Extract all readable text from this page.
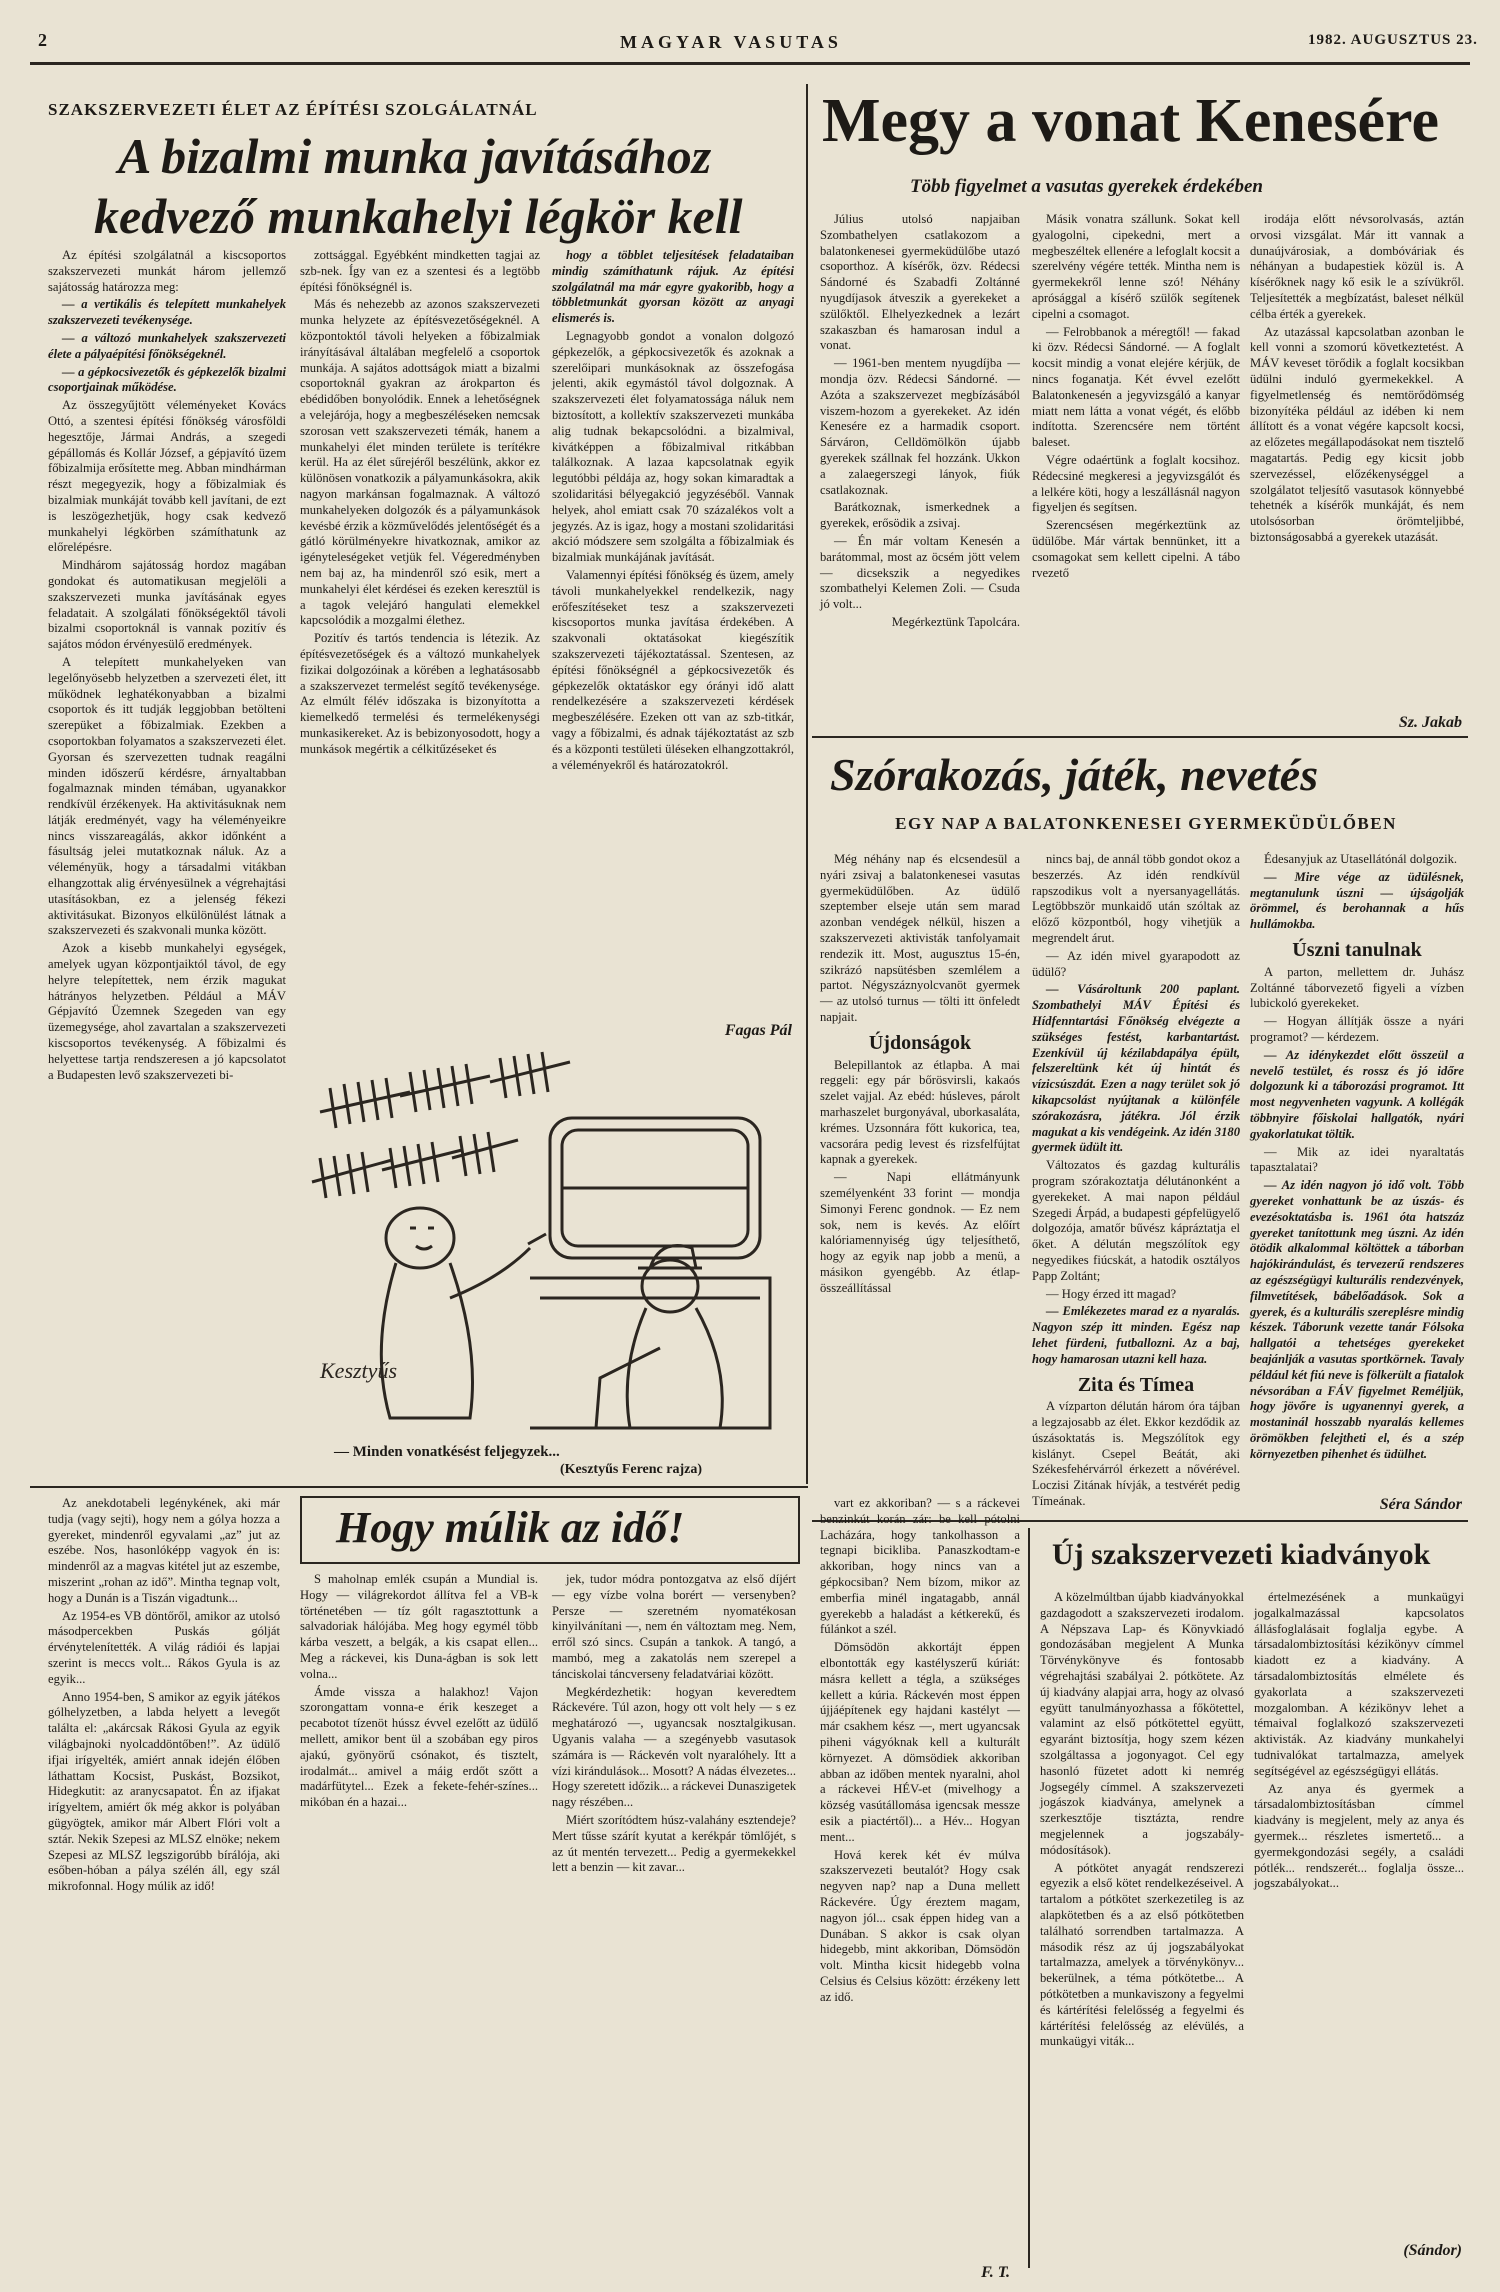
2	MAGYAR VASUTAS	1982. AUGUSZTUS 23.
SZAKSZERVEZETI ÉLET AZ ÉPÍTÉSI SZOLGÁLATNÁL
A bizalmi munka javításához
kedvező munkahelyi légkör kell

Az építési szolgálatnál a kiscsoportos szakszervezeti munkát három jellemző sajátosság határozza meg:

— a vertikális és telepített munkahelyek szakszervezeti tevékenysége.

— a változó munkahelyek szakszervezeti élete a pályaépítési főnökségeknél.

— a gépkocsivezetők és gépkezelők bizalmi csoportjainak működése.

Az összegyűjtött véleményeket Kovács Ottó, a szentesi építési főnökség városföldi hegesztője, Jármai András, a szegedi gépállomás és Kollár József, a gépjavító üzem főbizalmija erősítette meg. Abban mindhárman részt megegyezik, hogy a főbizalmiak és bizalmiak munkáját tovább kell javítani, de ezt is leszögezhetjük, hogy csak kedvező munkahelyi légkörben számíthatunk az előrelépésre.

Mindhárom sajátosság hordoz magában gondokat és automatikusan megjelöli a szakszervezeti munka javításának egyes feladatait. A szolgálati főnökségektől távoli bizalmi csoportoknál is vannak pozitív és sajátos módon érvényesülő eredmények.

A telepített munkahelyeken van legelőnyösebb helyzetben a szervezeti élet, itt működnek leghatékonyabban a bizalmi csoportok és itt tudják leggjobban betölteni szerepüket a főbizalmiak. Ezekben a csoportokban folyamatos a szakszervezeti élet. Gyorsan és szervezetten tudnak reagálni minden időszerű kérdésre, árnyaltabban fogalmaznak minden témában, ugyanakkor rendkívül érzékenyek. Ha aktivitásuknak nem látják eredményét, vagy ha véleményeikre nincs visszareagálás, akkor időnként a fásultság jelei mutatkoznak náluk. Az a véleményük, hogy a társadalmi vitákban elhangzottak alig érvényesülnek a végrehajtási utasításokban, ez a jelenség fékezi aktivitásukat. Bizonyos elkülönülést látnak a szakszervezeti és szakvonali munka között.

Azok a kisebb munkahelyi egységek, amelyek ugyan központjaiktól távol, de egy helyre telepítettek, nem érzik magukat hátrányos helyzetben. Például a MÁV Gépjavító Üzemnek Szegeden van egy üzemegysége, ahol zavartalan a szakszervezeti kiscsoportos tevékenység. A főbizalmi és helyettese tartja rendszeresen a jó kapcsolatot a Budapesten levő szakszervezeti bi-

zottsággal. Egyébként mindketten tagjai az szb-nek. Így van ez a szentesi és a legtöbb építési főnökségnél is.

Más és nehezebb az azonos szakszervezeti munka helyzete az építésvezetőségeknél. A központoktól távoli helyeken a főbizalmiak irányításával általában megfelelő a csoportok munkája. A sajátos adottságok miatt a bizalmi csoportoknál gyakran az árokparton és ebédidőben bonyolódik. Ennek a lehetőségnek a velejárója, hogy a megbeszéléseken nemcsak szorosan vett szakszervezeti témák, hanem a munkahelyi élet minden területe is terítékre kerül. Ha az élet sűrejéről beszélünk, akkor ez különösen vonatkozik a pályamunkásokra, akik nagyon markánsan fogalmaznak. A változó munkahelyeken dolgozók és a pályamunkások kevésbé érzik a közművelődés jelentőségét és a gátló körülményekre hivatkoznak, amikor az igényteleségeket vetjük fel. Végeredményben nem baj az, ha mindenről szó esik, mert a munkahelyi élet kérdései és ezeken keresztül is a tagok velejáró hangulati elemekkel kapcsolódik a mozgalmi élethez.

Pozitív és tartós tendencia is létezik. Az építésvezetőségek és a változó munkahelyek fizikai dolgozóinak a körében a leghatásosabb a szakszervezet termelést segítő tevékenysége. Az elmúlt félév időszaka is bizonyította a kiemelkedő termelési és termelékenységi munkasikereket. Az is bebizonyosodott, hogy a munkások megértik a célkitűzéseket és

hogy a többlet teljesítések feladataiban mindig számíthatunk rájuk. Az építési szolgálatnál ma már egyre gyakoribb, hogy a többletmunkát gyorsan között az anyagi elismerés is.

Legnagyobb gondot a vonalon dolgozó gépkezelők, a gépkocsivezetők és azoknak a szerelőipari munkásoknak az összefogása jelenti, akik egymástól távol dolgoznak. A szakszervezeti élet folyamatossága náluk nem biztosított, a kollektív szakszervezeti munkába alig tudnak bekapcsolódni. a bizalmival, kivátképpen a főbizalmival ritkábban találkoznak. A lazaa kapcsolatnak egyik legutóbbi példája az, hogy sokan kimaradtak a szolidaritási bélyegakció jegyzéséből. Vannak helyek, ahol emiatt csak 70 százalékos volt a jegyzés. Az is igaz, hogy a mostani szolidaritási akció módszere sem szolgálta a főbizalmiak és bizalmiak munkájának javítását.

Valamennyi építési főnökség és üzem, amely távoli munkahelyekkel rendelkezik, nagy erőfeszítéseket tesz a szakszervezeti kiscsoportos munka javítása érdekében. A szakvonali oktatásokat kiegészítik szakszervezeti tájékoztatással. Szentesen, az építési főnökségnél a gépkocsivezetők és gépkezelők oktatáskor egy órányi idő alatt rendelkezésére a szakszervezeti kérdések megbeszélésére. Ezeken ott van az szb-titkár, vagy a főbizalmi, és adnak tájékoztatást az szb és a központi testületi üléseken elhangzottakról, a véleményekről és határozatokról.

Fagas Pál
Kesztyűs
— Minden vonatkésést feljegyzek...
(Kesztyűs Ferenc rajza)
Megy a vonat Kenesére
Több figyelmet a vasutas gyerekek érdekében

Július utolsó napjaiban Szombathelyen csatlakozom a balatonkenesei gyermeküdülőbe utazó csoporthoz. A kísérők, özv. Rédecsi Sándorné és Szabadfi Zoltánné nyugdíjasok átveszik a gyerekeket a szülőktől. Elhelyezkednek a lezárt szakaszban és hamarosan indul a vonat.

— 1961-ben mentem nyugdíjba — mondja özv. Rédecsi Sándorné. — Azóta a szakszervezet megbízásából viszem-hozom a gyerekeket. Az idén Kenesére ez a harmadik csoport. Sárváron, Celldömölkön újabb gyerekek szállnak fel hozzánk. Ukkon a zalaegerszegi lányok, fiúk csatlakoznak.

Barátkoznak, ismerkednek a gyerekek, erősödik a zsivaj.

— Én már voltam Kenesén a barátommal, most az öcsém jött velem — dicsekszik a negyedikes szombathelyi Kelemen Zoli. — Csuda jó volt...

Megérkeztünk Tapolcára.

Másik vonatra szállunk. Sokat kell gyalogolni, cipekedni, mert a megbeszéltek ellenére a lefoglalt kocsit a szerelvény végére tették. Mintha nem is gyermekekről lenne szó! Néhány aprósággal a kísérő szülők segítenek cipelni a csomagot.

— Felrobbanok a méregtől! — fakad ki özv. Rédecsi Sándorné. — A foglalt kocsit mindig a vonat elejére kérjük, de nincs foganatja. Két évvel ezelőtt Balatonkenesén a jegyvizsgáló a kanyar miatt nem látta a vonat végét, és előbb indította. Szerencsére nem történt baleset.

Végre odaértünk a foglalt kocsihoz. Rédecsiné megkeresi a jegyvizsgálót és a lelkére köti, hogy a leszállásnál nagyon figyeljen és segítsen.

Szerencsésen megérkeztünk az üdülőbe. Már vártak bennünket, itt a csomagokat sem kellett cipelni. A tábo rvezető

irodája előtt névsorolvasás, aztán orvosi vizsgálat. Már itt vannak a dunaújvárosiak, a dombóváriak és néhányan a budapestiek közül is. A kísérőknek nagy kő esik le a szívükről. Teljesítették a megbízatást, baleset nélkül célba érték a gyerekek.

Az utazással kapcsolatban azonban le kell vonni a szomorú következtetést. A MÁV keveset törődik a foglalt kocsikban üdülni induló gyermekekkel. A figyelmetlenség és nemtörődömség bizonyítéka például az idében ki nem állított és a vonat végére kapcsolt kocsi, az előzetes megállapodásokat nem tisztelő magatartás. Pedig egy kicsit jobb szervezéssel, előzékenységgel a szolgálatot teljesítő vasutasok könnyebbé tehetnék a kísérők munkáját, és nem utolsósorban örömteljibbé, biztonságosabbá a gyerekek utazását.

Sz. Jakab
Szórakozás, játék, nevetés
EGY NAP A BALATONKENESEI GYERMEKÜDÜLŐBEN

Még néhány nap és elcsendesül a nyári zsivaj a balatonkenesei vasutas gyermeküdülőben. Az üdülő szeptember elseje után sem marad azonban vendégek nélkül, hiszen a szakszervezeti aktivisták tanfolyamait rendezik itt. Most, augusztus 15-én, szikrázó napsütésben szemlélem a partot. Négyszáznyolcvanöt gyermek — az utolsó turnus — tölti itt önfeledt napjait.

Újdonságok

Belepillantok az étlapba. A mai reggeli: egy pár bőrösvirsli, kakaós szelet vajjal. Az ebéd: húsleves, párolt marhaszelet burgonyával, uborkasaláta, krémes. Uzsonnára főtt kukorica, tea, vacsorára pedig levest és rizsfelfújtat kapnak a gyerekek.

— Napi ellátmányunk személyenként 33 forint — mondja Simonyi Ferenc gondnok. — Ez nem sok, nem is kevés. Az előírt kalóriamennyiség úgy teljesíthető, hogy az egyik nap jobb a menü, a másikon gyengébb. Az étlap-összeállítással

nincs baj, de annál több gondot okoz a beszerzés. Az idén rendkívül rapszodikus volt a nyersanyagellátás. Legtöbbször munkaidő után szóltak az előző központból, hogy vihetjük a megrendelt árut.

— Az idén mivel gyarapodott az üdülő?

— Vásároltunk 200 paplant. Szombathelyi MÁV Építési és Hídfenntartási Főnökség elvégezte a szükséges festést, karbantartást. Ezenkívül új kézilabdapálya épült, felszereltünk két új hintát és vízicsúszdát. Ezen a nagy terület sok jó kikapcsolást nyújtanak a különféle szórakozásra, játékra. Jól érzik magukat a kis vendégeink. Az idén 3180 gyermek üdült itt.

Változatos és gazdag kulturális program szórakoztatja délutánonként a gyerekeket. A mai napon például Szegedi Árpád, a budapesti gépfelügyelő dolgozója, amatőr bűvész kápráztatja el őket. A délután megszólítok egy negyedikes fiúcskát, a hatodik osztályos Papp Zoltánt;

— Hogy érzed itt magad?

— Emlékezetes marad ez a nyaralás. Nagyon szép itt minden. Egész nap lehet fürdeni, futballozni. Az a baj, hogy hamarosan utazni kell haza.

Zita és Tímea

A vízparton délután három óra tájban a legzajosabb az élet. Ekkor kezdődik az úszásoktatás is. Megszólítok egy kislányt. Csepel Beátát, aki Székesfehérvárról érkezett a nővérével. Loczisi Zitának hívják, a testvérét pedig Tímeának.

Édesanyjuk az Utasellátónál dolgozik.

— Mire vége az üdülésnek, megtanulunk úszni — újságolják örömmel, és berohannak a hűs hullámokba.

Úszni tanulnak

A parton, mellettem dr. Juhász Zoltánné táborvezető figyeli a vízben lubickoló gyerekeket.

— Hogyan állítják össze a nyári programot? — kérdezem.

— Az idénykezdet előtt összeül a nevelő testület, és rossz és jó időre dolgozunk ki a táborozási programot. Itt most negyvenheten vagyunk. A kollégák többnyire főiskolai hallgatók, nyári gyakorlatukat töltik.

— Mik az idei nyaraltatás tapasztalatai?

— Az idén nagyon jó idő volt. Több gyereket vonhattunk be az úszás- és evezésoktatásba is. 1961 óta hatszáz gyereket tanítottunk meg úszni. Az idén ötödik alkalommal költöttek a táborban hajókirándulást, és tervezerű rendszeres az egészségügyi kulturális rendezvények, filmvetítések, bábelőadások. Sok a gyerek, és a kulturális szereplésre mindig készek. Táborunk vezette tanár Fólsoka hallgatói a tehetséges gyerekeket beajánlják a vasutas sportkörnek. Tavaly például két fiú neve is fölkerült a fiatalok névsorában a FÁV figyelmet Reméljük, hogy jövőre is ugyanennyi gyerek, a mostaninál hosszabb nyaralás kellemes örömökben felejtheti el, és a szép környezetben pihenhet és üdülhet.

Séra Sándor
Hogy múlik az idő!

Az anekdotabeli legénykének, aki már tudja (vagy sejti), hogy nem a gólya hozza a gyereket, mindenről egyvalami „az” jut az eszébe. Nos, hasonlóképp vagyok én is: mindenről az a magvas kitétel jut az eszembe, miszerint „rohan az idő”. Mintha tegnap volt, hogy a Dunán is a Tiszán vigadtunk...

Az 1954-es VB döntőről, amikor az utolsó másodpercekben Puskás gólját érvénytelenítették. A világ rádiói és lapjai szerint is meccs volt... Rákos Gyula is az egyik...

Anno 1954-ben, S amikor az egyik játékos gólhelyzetben, a labda helyett a levegőt találta el: „akárcsak Rákosi Gyula az egyik világbajnoki nyolcaddöntőben!”. Az üdülő ifjai irígyelték, amiért annak idején élőben láthattam Kocsist, Puskást, Bozsikot, Hidegkutit: az aranycsapatot. Én az ifjakat irígyeltem, amiért ők még akkor is polyában gügyögtek, amikor már Albert Flóri volt a sztár. Nekik Szepesi az MLSZ elnöke; nekem Szepesi az MLSZ legszigorúbb bírálója, aki esőben-hóban a pálya szélén áll, egy szál mikrofonnal. Hogy múlik az idő!

S maholnap emlék csupán a Mundial is. Hogy — világrekordot állítva fel a VB-k történetében — tíz gólt ragasztottunk a salvadoriak hálójába. Meg hogy egymél több kárba veszett, a belgák, a kis csapat ellen... Meg a ráckevei, kis Duna-ágban is sok lett volna...

Ámde vissza a halakhoz! Vajon szorongattam vonna-e érik keszeget a pecabotot tízenöt hússz évvel ezelőtt az üdülő mellett, amikor bent ül a szobában egy piros ajakú, gyönyörű csónakot, és tisztelt, irodalmát... amivel a máig erdőt szőtt a madárfütytel... Ezek a fekete-fehér-színes... mikóban én a hazai...

jek, tudor módra pontozgatva az első díjért — egy vízbe volna borért — versenyben? Persze — szeretném nyomatékosan kinyilvánítani —, nem én változtam meg. Nem, erről szó sincs. Csupán a tankok. A tangó, a mambó, meg a zakatolás nem szerepel a tánciskolai táncverseny feladatváriai között.

Megkérdezhetik: hogyan keveredtem Ráckevére. Túl azon, hogy ott volt hely — s ez meghatározó —, ugyancsak nosztalgikusan. Ugyanis valaha — a szegényebb vasutasok számára is — Ráckevén volt nyaralóhely. Itt a vízi kirándulások... Mosott? A nádas élvezetes... Hogy szeretett időzik... a ráckevei Dunaszigetek nagy részében...

Miért szorítódtem húsz-valahány esztendeje? Mert tűsse szárít kyutat a kerékpár tömlőjét, s az út mentén tervezett... Pedig a gyermekekkel lett a benzin — kit zavar...

vart ez akkoriban? — s a ráckevei benzinkút korán zár: be kell pótolni Lacházára, hogy tankolhasson a tegnapi bicikliba. Panaszkodtam-e akkoriban, hogy nincs van a gépkocsiban? Nem bízom, mikor az emberfia minél ingatagabb, annál gyerekebb a haladást a kétkerekű, és fúlánkot a szél.

Dömsödön akkortájt éppen elbontották egy kastélyszerű kúriát: másra kellett a tégla, a szükséges kellett a kúria. Ráckevén most éppen újjáépítenek egy hajdani kastélyt — már csakhem kész —, mert ugyancsak piheni vágyóknak kell a kulturált környezet. A dömsödiek akkoriban abban az időben mentek nyaralni, ahol a ráckevei HÉV-et (mivelhogy a község vasútállomása igencsak messze esik a piactértől)... a Hév... Hogyan ment...

Hová kerek két év múlva szakszervezeti beutalót? Hogy csak negyven nap? nap a Duna mellett Ráckevére. Úgy éreztem magam, nagyon jól... csak éppen hideg van a Dunában. S akkor is csak olyan hidegebb, mint akkoriban, Dömsödön volt. Mintha kicsit hidegebb volna Celsius és Celsius között: érzékeny lett az idő.

F. T.
Új szakszervezeti kiadványok

A közelmúltban újabb kiadványokkal gazdagodott a szakszervezeti irodalom. A Népszava Lap- és Könyvkiadó gondozásában megjelent A Munka Törvénykönyve és fontosabb végrehajtási szabályai 2. pótkötete. Az új kiadvány alapjai arra, hogy az olvasó együtt tanulmányozhassa a főkötettel, valamint az első pótkötettel együtt, egyaránt biztosítja, hogy szem kézen szolgáltassa a jogonyagot. Cel egy hasonló füzetet adott ki nemrég Jogsegély címmel. A szakszervezeti jogászok kiadványa, amelynek a szerkesztője tisztázta, rendre megjelennek a jogszabály-módosítások).

A pótkötet anyagát rendszerezi egyezik a első kötet rendelkezéseivel. A tartalom a pótkötet szerkezetileg is az alapkötetben és a az első pótkötetben található sorrendben tartalmazza. A második rész az új jogszabályokat tartalmazza, amelyek a törvénykönyv... bekerülnek, a téma pótkötetbe... A pótkötetben a munkaviszony a fegyelmi és kártérítési felelősség a fegyelmi és kártérítési felelősség az elévülés, a munkaügyi viták...

értelmezésének a munkaügyi jogalkalmazással kapcsolatos állásfoglalásait foglalja egybe. A társadalombiztosítási kézikönyv címmel kiadott ez a kiadvány. A társadalombiztosítás elmélete és gyakorlata a szakszervezeti mozgalomban. A kézikönyv lehet a témaival foglalkozó szakszervezeti aktivisták. Az kiadvány munkahelyi tudnivalókat tartalmazza, amelyek segítségével az egészségügyi ellátás.

Az anya és gyermek a társadalombiztosításban címmel kiadvány is megjelent, mely az anya és gyermek... részletes ismertető... a gyermekgondozási segély, a családi pótlék... rendszerét... foglalja össze... jogszabályokat...

(Sándor)
